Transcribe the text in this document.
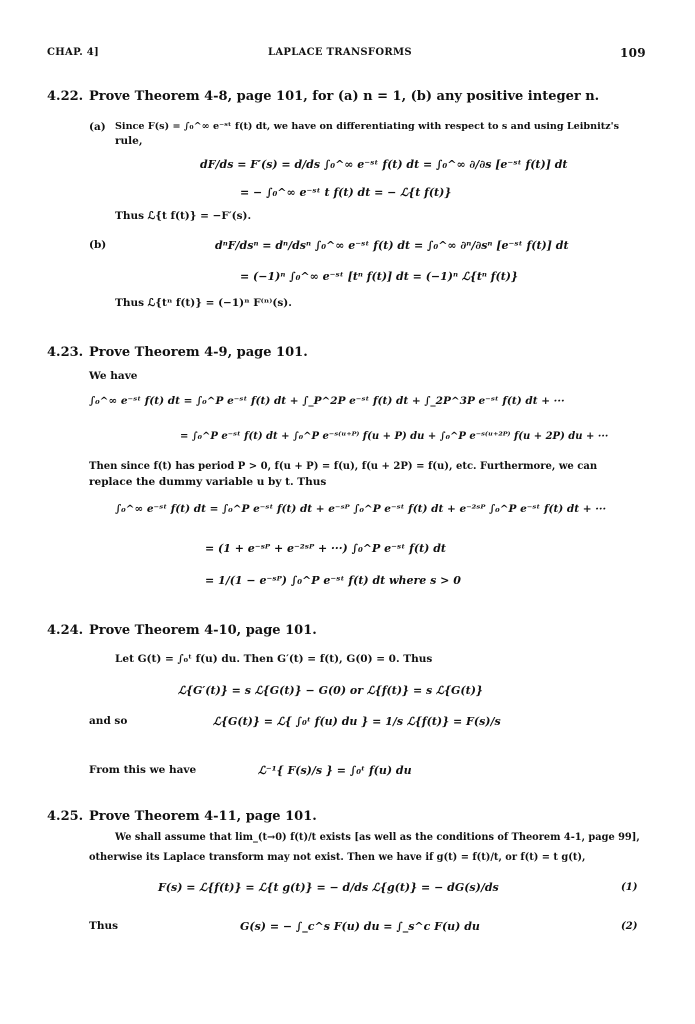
CHAP. 4]	LAPLACE TRANSFORMS	109
4.22. Prove Theorem 4-8, page 101, for (a) n = 1, (b) any positive integer n.
(a) Since F(s) = ∫₀^∞ e⁻ˢᵗ f(t) dt, we have on differentiating with respect to s and using Leibnitz's
rule,
dF/ds = F′(s) = d/ds ∫₀^∞ e⁻ˢᵗ f(t) dt = ∫₀^∞ ∂/∂s [e⁻ˢᵗ f(t)] dt
= − ∫₀^∞ e⁻ˢᵗ t f(t) dt = − ℒ{t f(t)}
Thus ℒ{t f(t)} = −F′(s).
(b)	dⁿF/dsⁿ = dⁿ/dsⁿ ∫₀^∞ e⁻ˢᵗ f(t) dt = ∫₀^∞ ∂ⁿ/∂sⁿ [e⁻ˢᵗ f(t)] dt
= (−1)ⁿ ∫₀^∞ e⁻ˢᵗ [tⁿ f(t)] dt = (−1)ⁿ ℒ{tⁿ f(t)}
Thus ℒ{tⁿ f(t)} = (−1)ⁿ F⁽ⁿ⁾(s).
4.23. Prove Theorem 4-9, page 101.
We have
∫₀^∞ e⁻ˢᵗ f(t) dt = ∫₀^P e⁻ˢᵗ f(t) dt + ∫_P^2P e⁻ˢᵗ f(t) dt + ∫_2P^3P e⁻ˢᵗ f(t) dt + ···
= ∫₀^P e⁻ˢᵗ f(t) dt + ∫₀^P e⁻ˢ⁽ᵘ⁺ᴾ⁾ f(u + P) du + ∫₀^P e⁻ˢ⁽ᵘ⁺²ᴾ⁾ f(u + 2P) du + ···
Then since f(t) has period P > 0, f(u + P) = f(u), f(u + 2P) = f(u), etc. Furthermore, we can
replace the dummy variable u by t. Thus
∫₀^∞ e⁻ˢᵗ f(t) dt = ∫₀^P e⁻ˢᵗ f(t) dt + e⁻ˢᴾ ∫₀^P e⁻ˢᵗ f(t) dt + e⁻²ˢᴾ ∫₀^P e⁻ˢᵗ f(t) dt + ···
= (1 + e⁻ˢᴾ + e⁻²ˢᴾ + ···) ∫₀^P e⁻ˢᵗ f(t) dt
= 1/(1 − e⁻ˢᴾ) ∫₀^P e⁻ˢᵗ f(t) dt where s > 0
4.24. Prove Theorem 4-10, page 101.
Let G(t) = ∫₀ᵗ f(u) du. Then G′(t) = f(t), G(0) = 0. Thus
ℒ{G′(t)} = s ℒ{G(t)} − G(0) or ℒ{f(t)} = s ℒ{G(t)}
and so	ℒ{G(t)} = ℒ{ ∫₀ᵗ f(u) du } = 1/s ℒ{f(t)} = F(s)/s
From this we have	ℒ⁻¹{ F(s)/s } = ∫₀ᵗ f(u) du
4.25. Prove Theorem 4-11, page 101.
We shall assume that lim_(t→0) f(t)/t exists [as well as the conditions of Theorem 4-1, page 99],
otherwise its Laplace transform may not exist. Then we have if g(t) = f(t)/t, or f(t) = t g(t),
F(s) = ℒ{f(t)} = ℒ{t g(t)} = − d/ds ℒ{g(t)} = − dG(s)/ds	(1)
Thus	G(s) = − ∫_c^s F(u) du = ∫_s^c F(u) du	(2)
